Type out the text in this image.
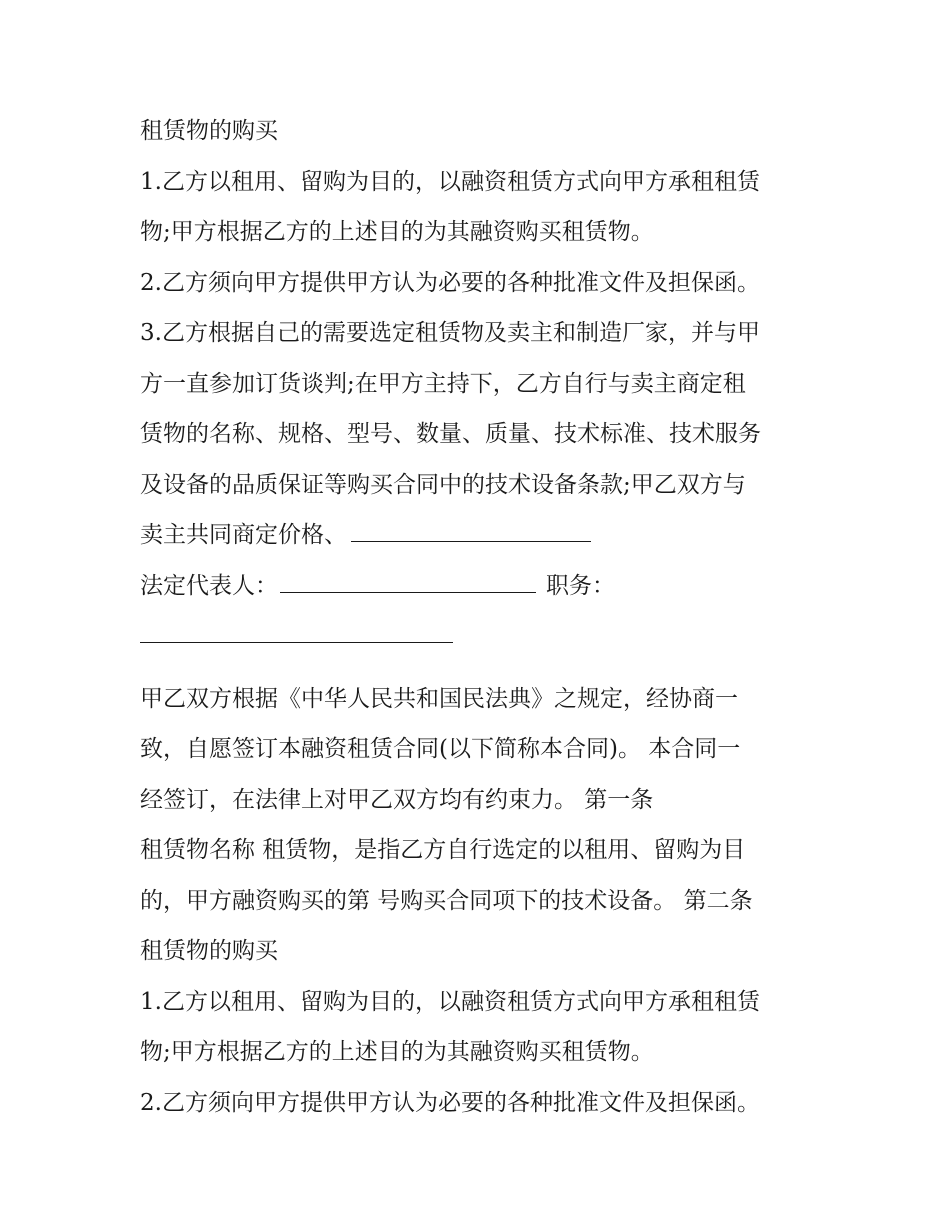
租赁物的购买
1.乙方以租用、留购为目的，以融资租赁方式向甲方承租租赁
物;甲方根据乙方的上述目的为其融资购买租赁物。
2.乙方须向甲方提供甲方认为必要的各种批准文件及担保函。
3.乙方根据自己的需要选定租赁物及卖主和制造厂家，并与甲
方一直参加订货谈判;在甲方主持下，乙方自行与卖主商定租
赁物的名称、规格、型号、数量、质量、技术标准、技术服务
及设备的品质保证等购买合同中的技术设备条款;甲乙双方与
卖主共同商定价格、
法定代表人：	职务：
甲乙双方根据《中华人民共和国民法典》之规定，经协商一
致，自愿签订本融资租赁合同(以下简称本合同)。 本合同一
经签订，在法律上对甲乙双方均有约束力。 第一条
租赁物名称 租赁物，是指乙方自行选定的以租用、留购为目
的，甲方融资购买的第 号购买合同项下的技术设备。 第二条
租赁物的购买
1.乙方以租用、留购为目的，以融资租赁方式向甲方承租租赁
物;甲方根据乙方的上述目的为其融资购买租赁物。
2.乙方须向甲方提供甲方认为必要的各种批准文件及担保函。
